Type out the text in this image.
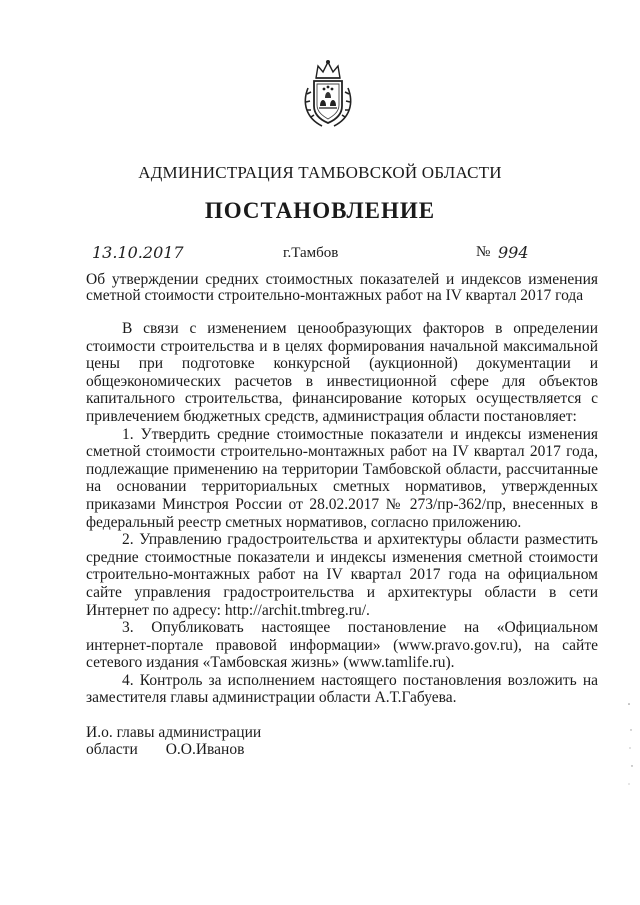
АДМИНИСТРАЦИЯ ТАМБОВСКОЙ ОБЛАСТИ
ПОСТАНОВЛЕНИЕ
13.10.2017	г.Тамбов	№ 994
Об утверждении средних стоимостных показателей и индексов изменения сметной стоимости строительно-монтажных работ на IV квартал 2017 года

В связи с изменением ценообразующих факторов в определении стоимости строительства и в целях формирования начальной максимальной цены при подготовке конкурсной (аукционной) документации и общеэкономических расчетов в инвестиционной сфере для объектов капитального строительства, финансирование которых осуществляется с привлечением бюджетных средств, администрация области постановляет:

1. Утвердить средние стоимостные показатели и индексы изменения сметной стоимости строительно-монтажных работ на IV квартал 2017 года, подлежащие применению на территории Тамбовской области, рассчитанные на основании территориальных сметных нормативов, утвержденных приказами Минстроя России от 28.02.2017 № 273/пр-362/пр, внесенных в федеральный реестр сметных нормативов, согласно приложению.

2. Управлению градостроительства и архитектуры области разместить средние стоимостные показатели и индексы изменения сметной стоимости строительно-монтажных работ на IV квартал 2017 года на официальном сайте управления градостроительства и архитектуры области в сети Интернет по адресу: http://archit.tmbreg.ru/.

3. Опубликовать настоящее постановление на «Официальном интернет-портале правовой информации» (www.pravo.gov.ru), на сайте сетевого издания «Тамбовская жизнь» (www.tamlife.ru).

4. Контроль за исполнением настоящего постановления возложить на заместителя главы администрации области А.Т.Габуева.

И.о. главы администрации
области О.О.Иванов
